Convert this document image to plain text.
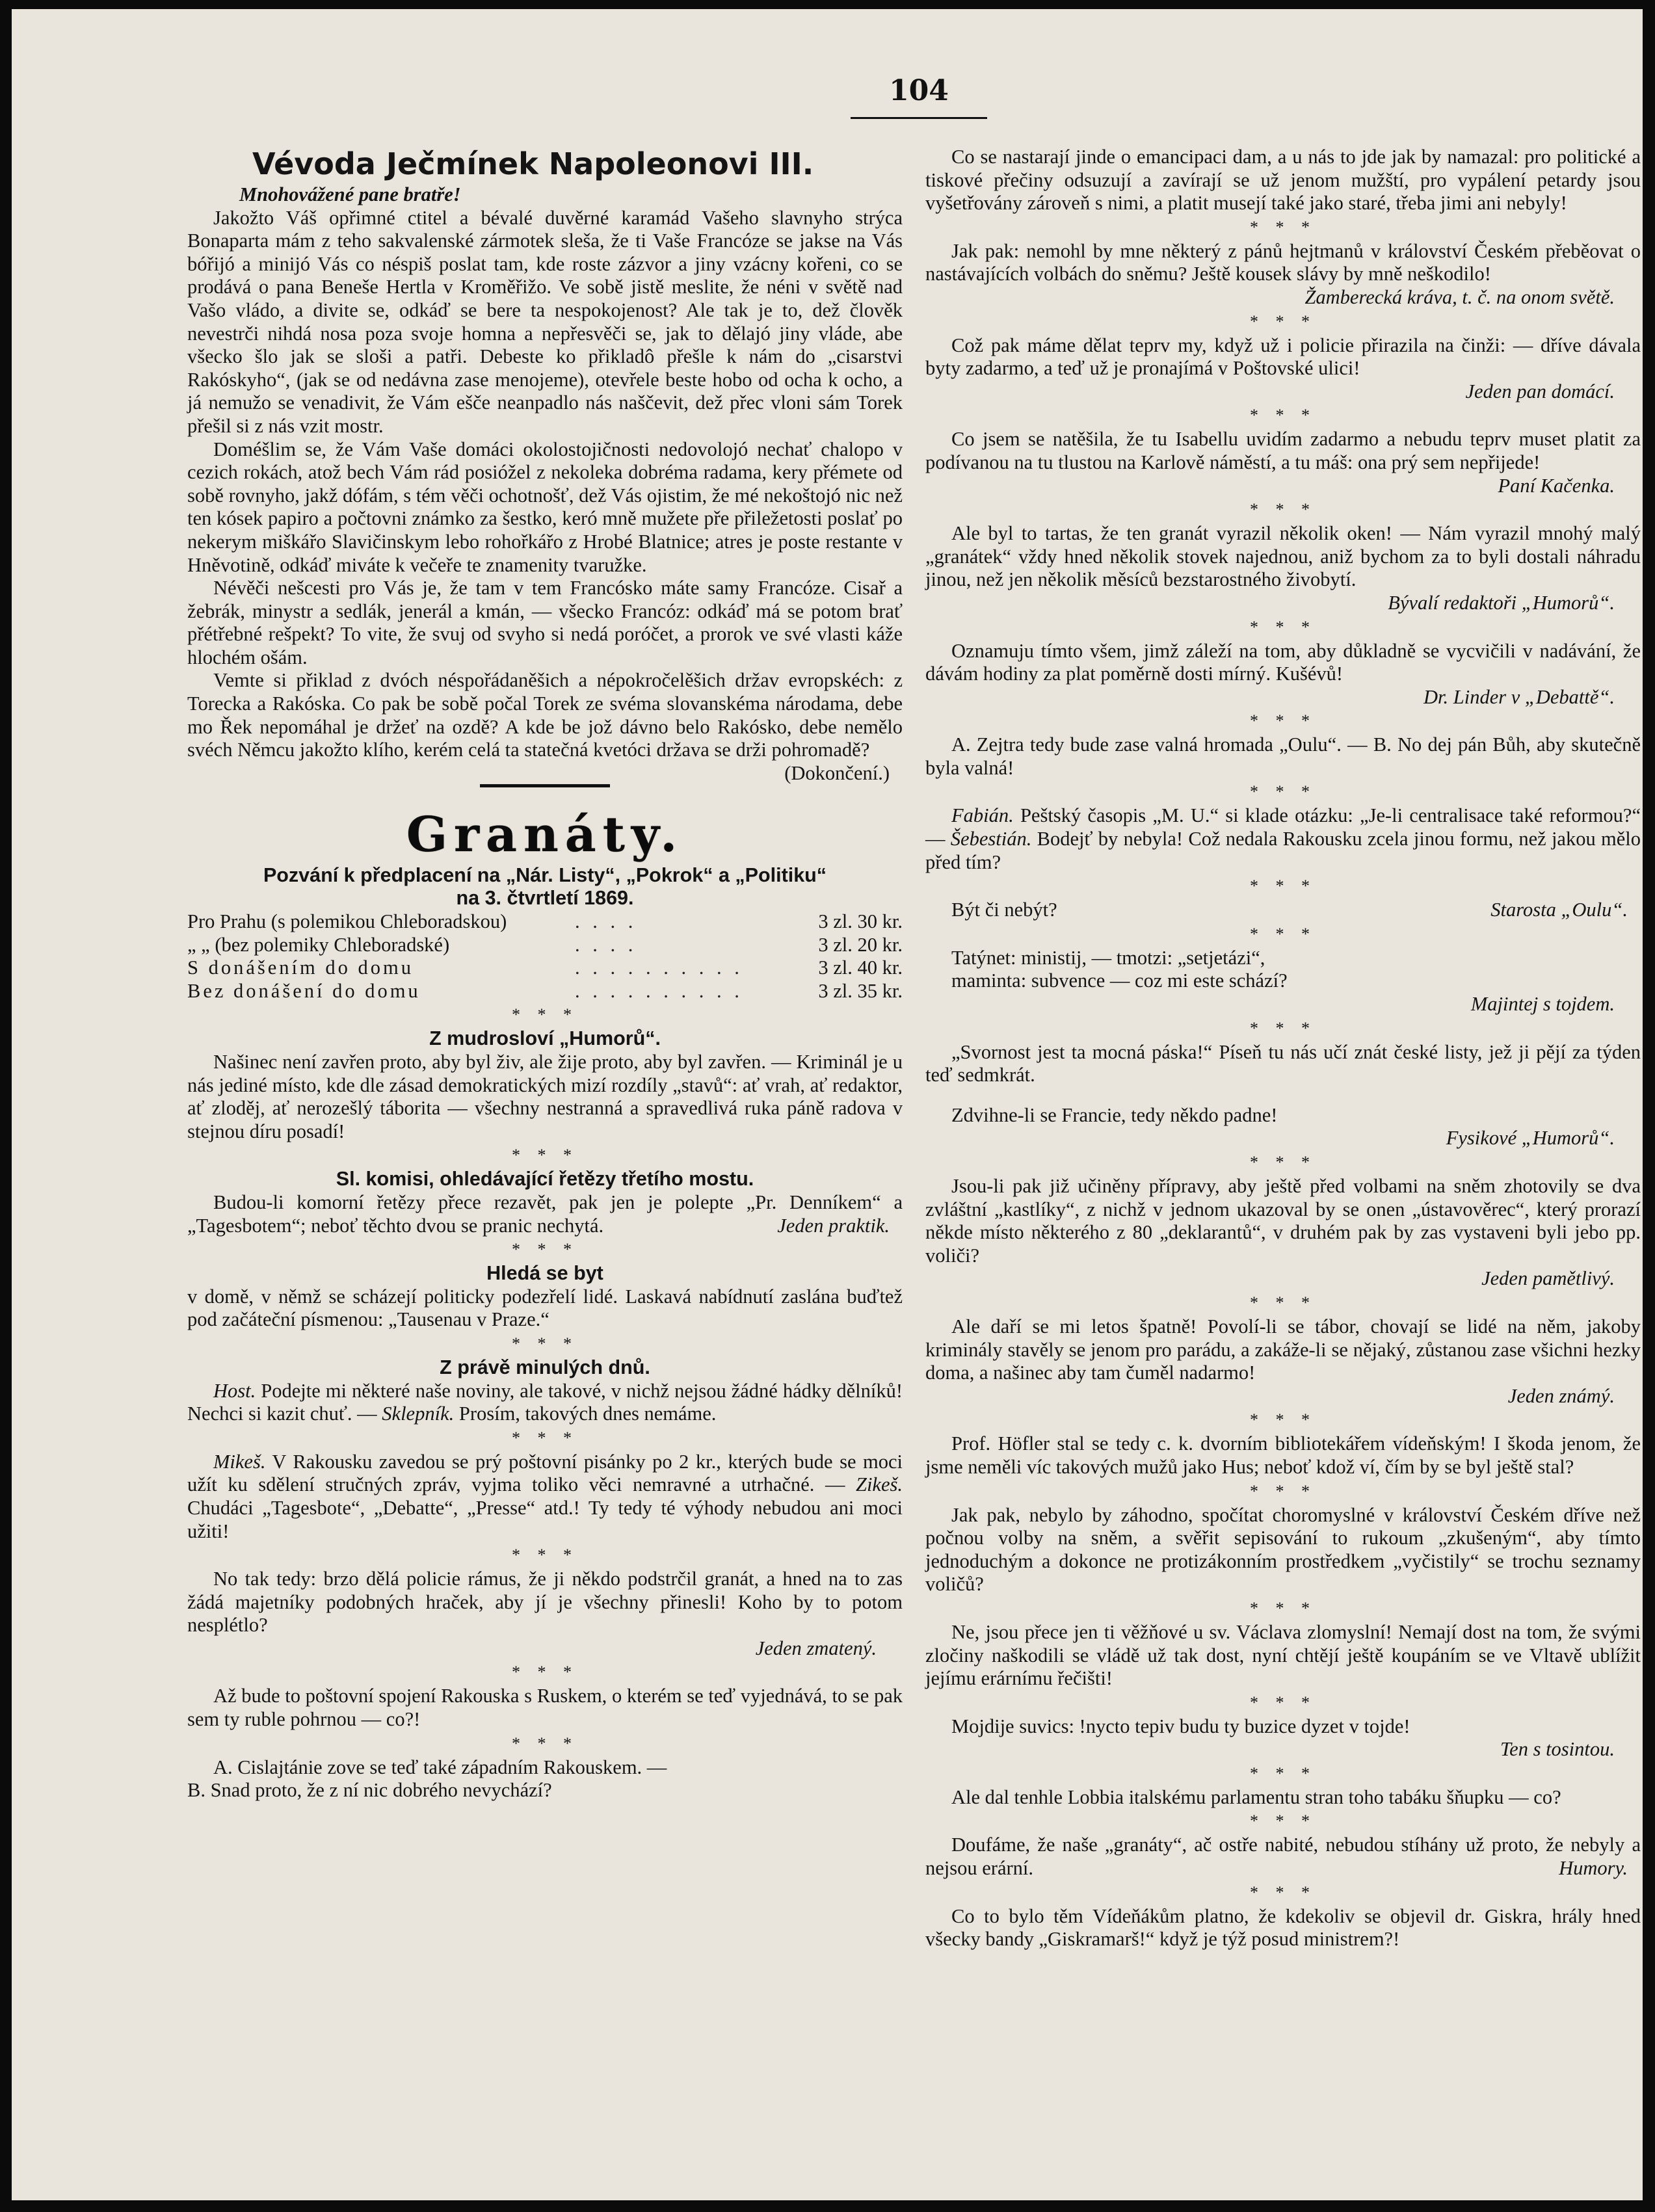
104

Vévoda Ječmínek Napoleonovi III.

Mnohovážené pane bratře!

Jakožto Váš opřimné ctitel a bévalé duvěrné karamád Vašeho slavnyho strýca Bonaparta mám z teho sakvalenské zármotek sleša, že ti Vaše Francóze se jakse na Vás bóřijó a minijó Vás co néspiš poslat tam, kde roste zázvor a jiny vzácny kořeni, co se prodává o pana Beneše Hertla v Kroměřižo. Ve sobě jistě meslite, že néni v světě nad Vašo vládo, a divite se, odkáď se bere ta nespokojenost? Ale tak je to, dež člověk nevestrči nihdá nosa poza svoje homna a nepřesvěči se, jak to dělajó jiny vláde, abe všecko šlo jak se sloši a patři. Debeste ko přikladô přešle k nám do „cisarstvi Rakóskyho“, (jak se od nedávna zase menojeme), otevřele beste hobo od ocha k ocho, a já nemužo se venadivit, že Vám ešče neanpadlo nás naščevit, dež přec vloni sám Torek přešil si z nás vzit mostr.

Doméšlim se, že Vám Vaše domáci okolostojičnosti nedovolojó nechať chalopo v cezich rokách, atož bech Vám rád posióžel z nekoleka dobréma radama, kery přémete od sobě rovnyho, jakž dófám, s tém věči ochotnošť, dež Vás ojistim, že mé nekoštojó nic než ten kósek papiro a počtovni známko za šestko, keró mně mužete pře přiležetosti poslať po nekerym miškářo Slavičinskym lebo rohořkářo z Hrobé Blatnice; atres je poste restante v Hněvotině, odkáď miváte k večeře te znamenity tvaružke.

Névěči nešcesti pro Vás je, že tam v tem Francósko máte samy Francóze. Cisař a žebrák, minystr a sedlák, jenerál a kmán, — všecko Francóz: odkáď má se potom brať přétřebné rešpekt? To vite, že svuj od svyho si nedá poróčet, a prorok ve své vlasti káže hlochém ošám.

Vemte si přiklad z dvóch néspořádaněšich a népokročelěšich držav evropskéch: z Torecka a Rakóska. Co pak be sobě počal Torek ze svéma slovanskéma národama, debe mo Řek nepomáhal je držeť na ozdě? A kde be jož dávno belo Rakósko, debe nemělo svéch Němcu jakožto klího, kerém celá ta statečná kvetóci država se drži pohromadě?
(Dokončení.)

Granáty.

Pozvání k předplacení na „Nár. Listy“, „Pokrok“ a „Politiku“

na 3. čtvrtletí 1869.

Pro Prahu (s polemikou Chleboradskou)	. . . .	3 zl. 30 kr.
„ „ (bez polemiky Chleboradské)	. . . .	3 zl. 20 kr.
S donášením do domu	. . . . . . . . . .	3 zl. 40 kr.
Bez donášení do domu	. . . . . . . . . .	3 zl. 35 kr.

* * *

Z mudrosloví „Humorů“.

Našinec není zavřen proto, aby byl živ, ale žije proto, aby byl zavřen. — Kriminál je u nás jediné místo, kde dle zásad demokratických mizí rozdíly „stavů“: ať vrah, ať redaktor, ať zloděj, ať nerozešlý táborita — všechny nestranná a spravedlivá ruka páně radova v stejnou díru posadí!

* * *

Sl. komisi, ohledávající řetězy třetího mostu.

Budou-li komorní řetězy přece rezavět, pak jen je polepte „Pr. Denníkem“ a „Tagesbotem“; neboť těchto dvou se pranic nechytá.	Jeden praktik.

* * *

Hledá se byt

v domě, v němž se scházejí politicky podezřelí lidé. Laskavá nabídnutí zaslána buďtež pod začáteční písmenou: „Tausenau v Praze.“

* * *

Z právě minulých dnů.

Host. Podejte mi některé naše noviny, ale takové, v nichž nejsou žádné hádky dělníků! Nechci si kazit chuť. — Sklepník. Prosím, takových dnes nemáme.

* * *

Mikeš. V Rakousku zavedou se prý poštovní pisánky po 2 kr., kterých bude se moci užít ku sdělení stručných zpráv, vyjma toliko věci nemravné a utrhačné. — Zikeš. Chudáci „Tagesbote“, „Debatte“, „Presse“ atd.! Ty tedy té výhody nebudou ani moci užiti!

* * *

No tak tedy: brzo dělá policie rámus, že ji někdo podstrčil granát, a hned na to zas žádá majetníky podobných hraček, aby jí je všechny přinesli! Koho by to potom nesplétlo?

Jeden zmatený.

* * *

Až bude to poštovní spojení Rakouska s Ruskem, o kterém se teď vyjednává, to se pak sem ty ruble pohrnou — co?!

* * *

A. Cislajtánie zove se teď také západním Rakouskem. —

B. Snad proto, že z ní nic dobrého nevychází?

Co se nastarají jinde o emancipaci dam, a u nás to jde jak by namazal: pro politické a tiskové přečiny odsuzují a zavírají se už jenom mužští, pro vypálení petardy jsou vyšetřovány zároveň s nimi, a platit musejí také jako staré, třeba jimi ani nebyly!

* * *

Jak pak: nemohl by mne některý z pánů hejtmanů v království Českém přeběovat o nastávajících volbách do sněmu? Ještě kousek slávy by mně neškodilo!

Žamberecká kráva, t. č. na onom světě.

* * *

Což pak máme dělat teprv my, když už i policie přirazila na činži: — dříve dávala byty zadarmo, a teď už je pronajímá v Poštovské ulici!

Jeden pan domácí.

* * *

Co jsem se natěšila, že tu Isabellu uvidím zadarmo a nebudu teprv muset platit za podívanou na tu tlustou na Karlově náměstí, a tu máš: ona prý sem nepřijede!

Paní Kačenka.

* * *

Ale byl to tartas, že ten granát vyrazil několik oken! — Nám vyrazil mnohý malý „granátek“ vždy hned několik stovek najednou, aniž bychom za to byli dostali náhradu jinou, než jen několik měsíců bezstarostného živobytí.

Bývalí redaktoři „Humorů“.

* * *

Oznamuju tímto všem, jimž záleží na tom, aby důkladně se vycvičili v nadávání, že dávám hodiny za plat poměrně dosti mírný. Kušévů!

Dr. Linder v „Debattě“.

* * *

A. Zejtra tedy bude zase valná hromada „Oulu“. — B. No dej pán Bůh, aby skutečně byla valná!

* * *

Fabián. Peštský časopis „M. U.“ si klade otázku: „Je-li centralisace také reformou?“ — Šebestián. Bodejť by nebyla! Což nedala Rakousku zcela jinou formu, než jakou mělo před tím?

* * *

Být či nebýt?	Starosta „Oulu“.

* * *

Tatýnet: ministij, — tmotzi: „setjetázi“,

maminta: subvence — coz mi este schází?

Majintej s tojdem.

* * *

„Svornost jest ta mocná páska!“ Píseň tu nás učí znát české listy, jež ji pějí za týden teď sedmkrát.

Zdvihne-li se Francie, tedy někdo padne!

Fysikové „Humorů“.

* * *

Jsou-li pak již učiněny přípravy, aby ještě před volbami na sněm zhotovily se dva zvláštní „kastlíky“, z nichž v jednom ukazoval by se onen „ústavověrec“, který prorazí někde místo některého z 80 „deklarantů“, v druhém pak by zas vystaveni byli jebo pp. voliči?

Jeden pamětlivý.

* * *

Ale daří se mi letos špatně! Povolí-li se tábor, chovají se lidé na něm, jakoby kriminály stavěly se jenom pro parádu, a zakáže-li se nějaký, zůstanou zase všichni hezky doma, a našinec aby tam čuměl nadarmo!

Jeden známý.

* * *

Prof. Höfler stal se tedy c. k. dvorním bibliotekářem vídeňským! I škoda jenom, že jsme neměli víc takových mužů jako Hus; neboť kdož ví, čím by se byl ještě stal?

* * *

Jak pak, nebylo by záhodno, spočítat choromyslné v království Českém dříve než počnou volby na sněm, a svěřit sepisování to rukoum „zkušeným“, aby tímto jednoduchým a dokonce ne protizákonním prostředkem „vyčistily“ se trochu seznamy voličů?

* * *

Ne, jsou přece jen ti věžňové u sv. Václava zlomyslní! Nemají dost na tom, že svými zločiny naškodili se vládě už tak dost, nyní chtějí ještě koupáním se ve Vltavě ublížit jejímu erárnímu řečišti!

* * *

Mojdije suvics: ǃnycto tepiv budu ty buzice dyzet v tojde!

Ten s tosintou.

* * *

Ale dal tenhle Lobbia italskému parlamentu stran toho tabáku šňupku — co?

* * *

Doufáme, že naše „granáty“, ač ostře nabité, nebudou stíhány už proto, že nebyly a nejsou erární.	Humory.

* * *

Co to bylo těm Vídeňákům platno, že kdekoliv se objevil dr. Giskra, hrály hned všecky bandy „Giskramarš!“ když je týž posud ministrem?!
